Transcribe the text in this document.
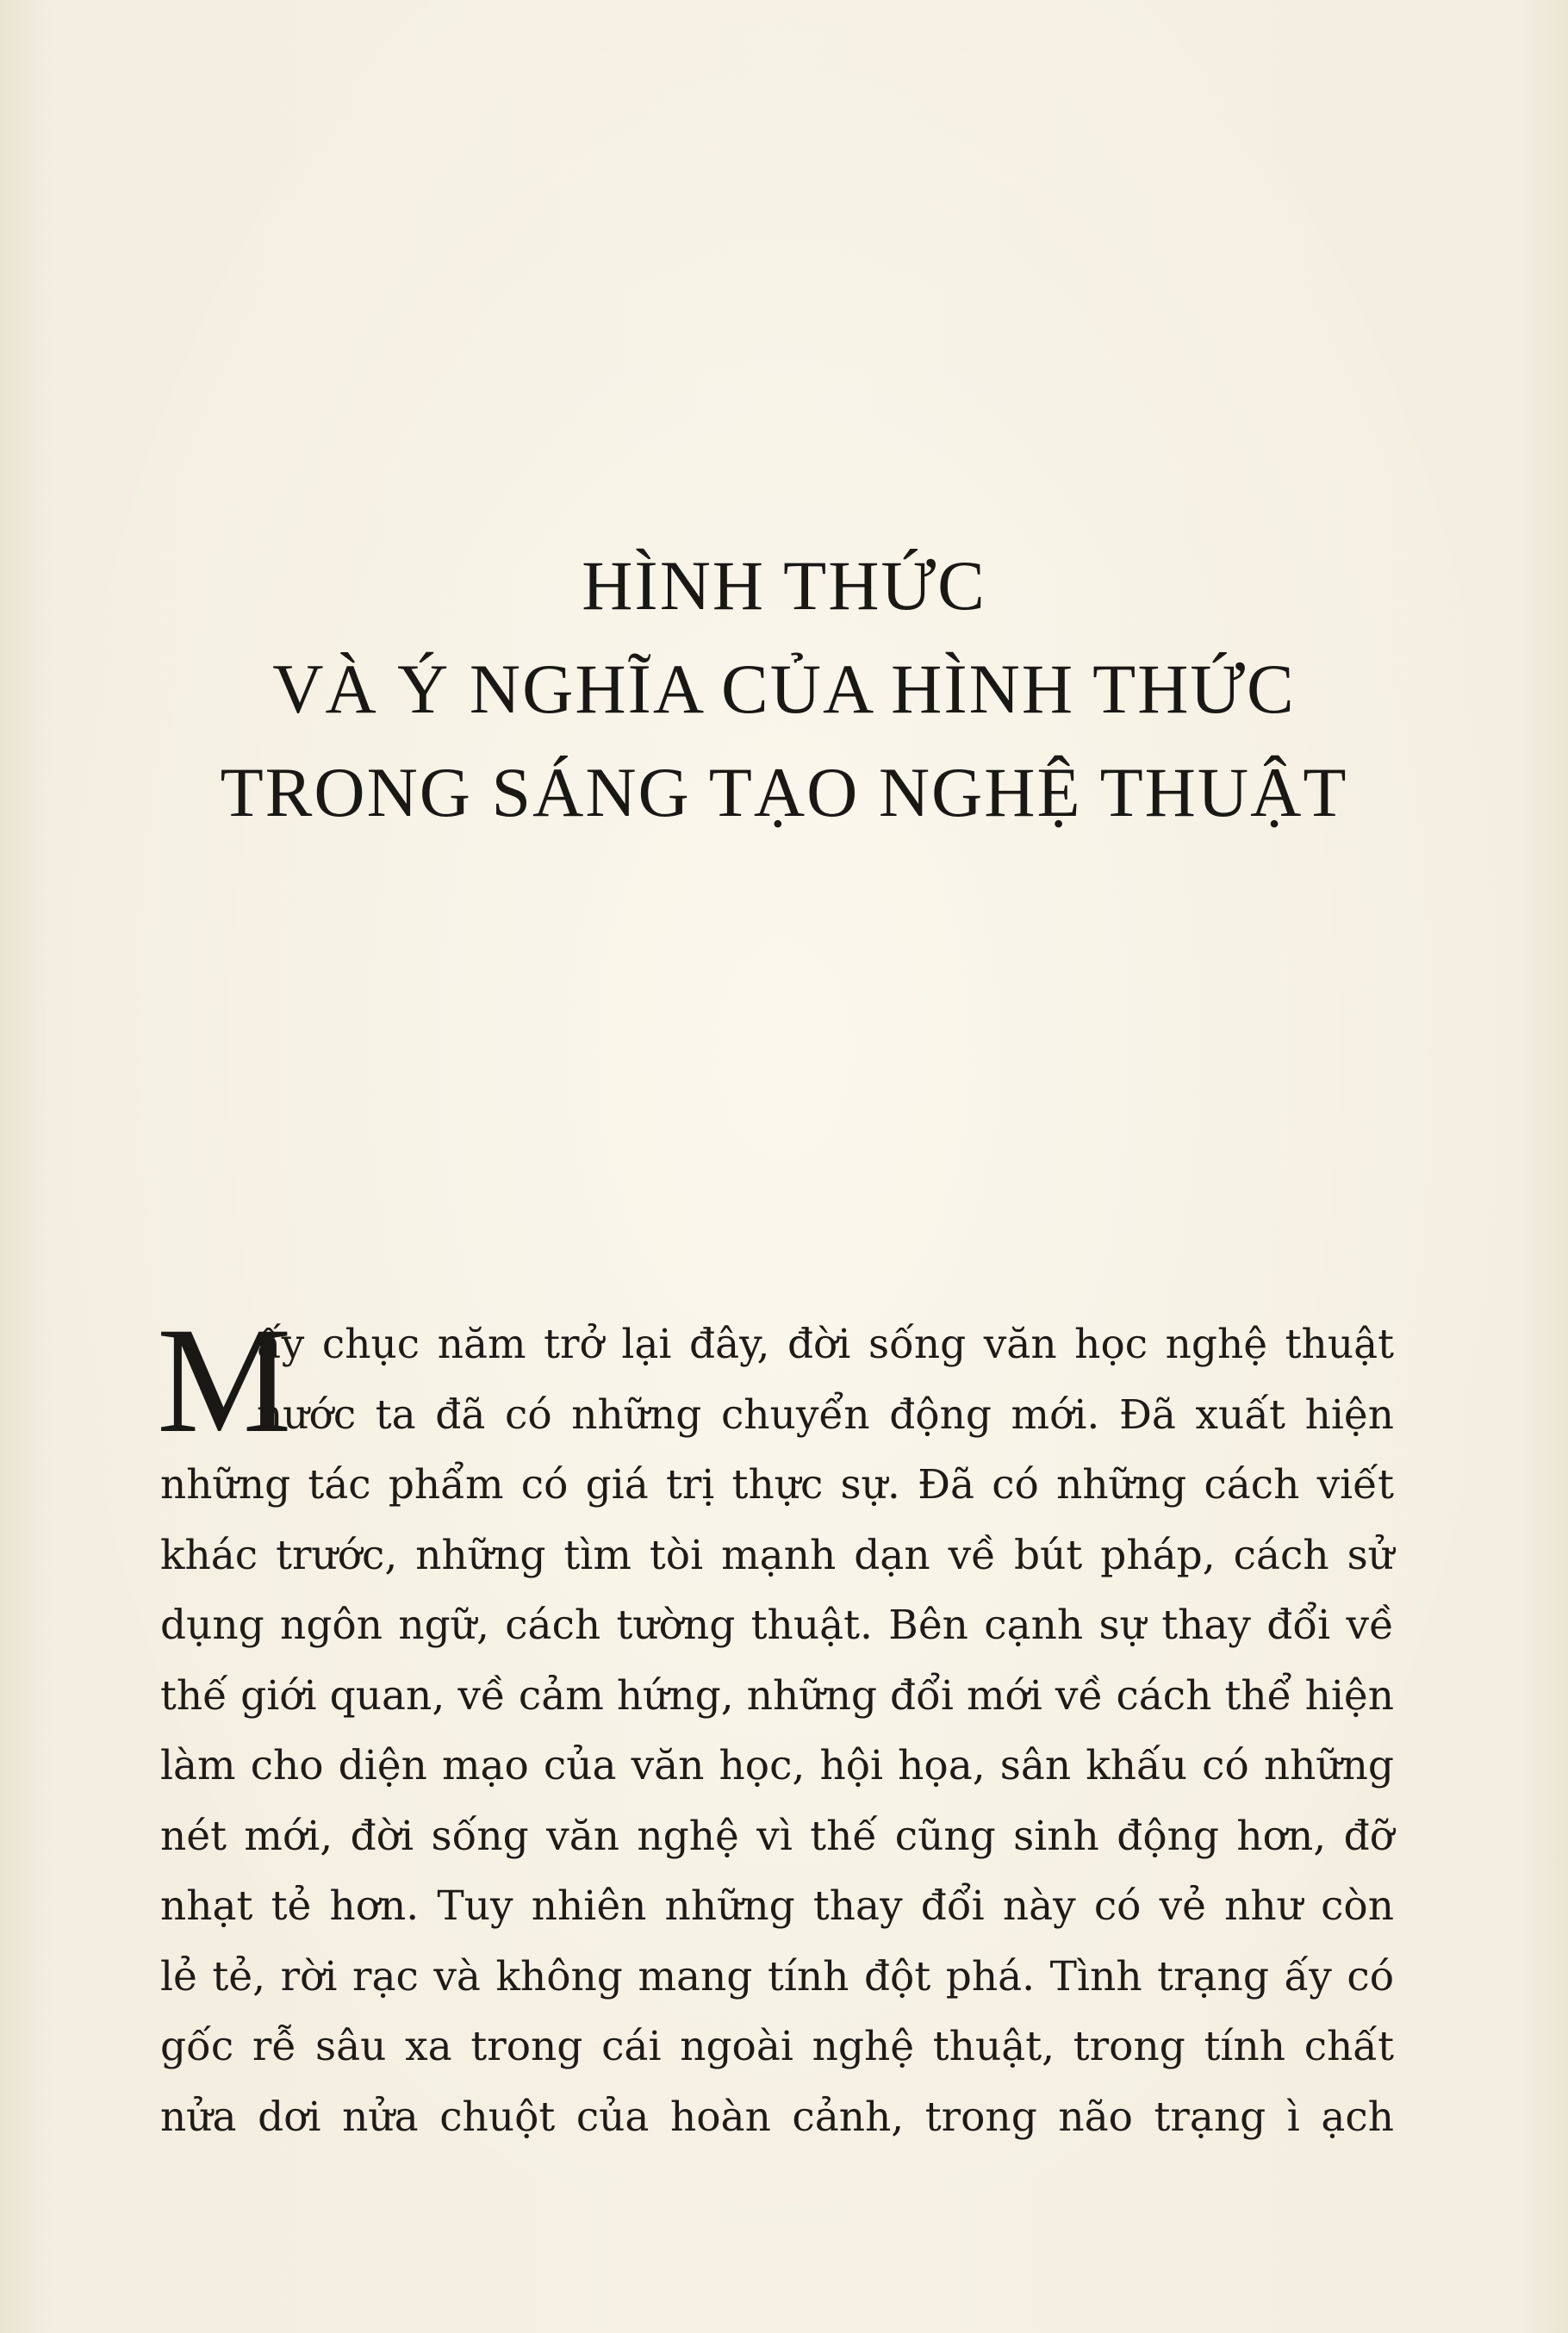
HÌNH THỨC
VÀ Ý NGHĨA CỦA HÌNH THỨC
TRONG SÁNG TẠO NGHỆ THUẬT
M
ấy chục năm trở lại đây, đời sống văn học nghệ thuật
nước ta đã có những chuyển động mới. Đã xuất hiện
những tác phẩm có giá trị thực sự. Đã có những cách viết
khác trước, những tìm tòi mạnh dạn về bút pháp, cách sử
dụng ngôn ngữ, cách tường thuật. Bên cạnh sự thay đổi về
thế giới quan, về cảm hứng, những đổi mới về cách thể hiện
làm cho diện mạo của văn học, hội họa, sân khấu có những
nét mới, đời sống văn nghệ vì thế cũng sinh động hơn, đỡ
nhạt tẻ hơn. Tuy nhiên những thay đổi này có vẻ như còn
lẻ tẻ, rời rạc và không mang tính đột phá. Tình trạng ấy có
gốc rễ sâu xa trong cái ngoài nghệ thuật, trong tính chất
nửa dơi nửa chuột của hoàn cảnh, trong não trạng ì ạch
